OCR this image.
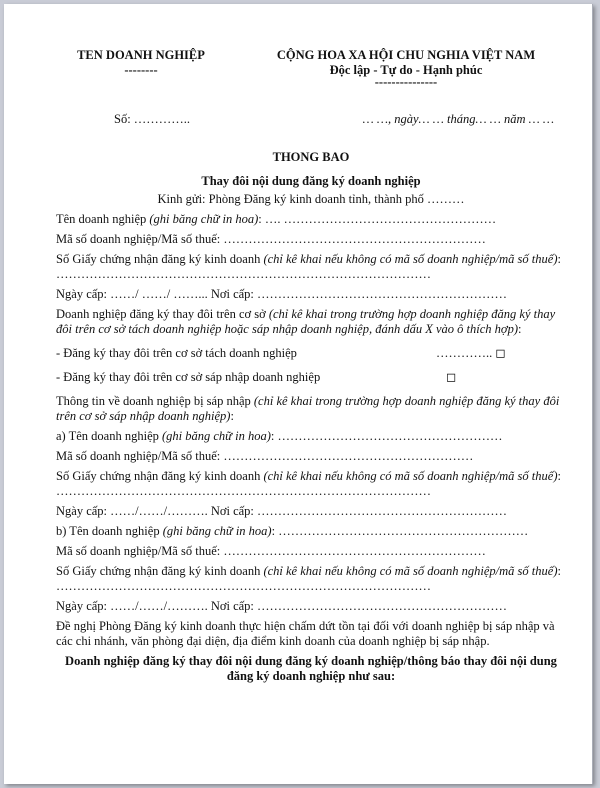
TEN DOANH NGHIỆP
--------
CỘNG HOA XA HỘI CHU NGHIA VIỆT NAM
Độc lập - Tự do - Hạnh phúc
---------------
Số: …………..	… …, ngày… … tháng… … năm … …
THONG BAO
Thay đôi nội dung đăng ký doanh nghiệp
Kinh gửi: Phòng Đăng ký kinh doanh tỉnh, thành phố ………
Tên doanh nghiệp (ghi băng chữ in hoa): …. ……………………………………………
Mã số doanh nghiệp/Mã số thuế: ………………………………………………………
Số Giấy chứng nhận đăng ký kinh doanh (chỉ kê khai nếu không có mã số doanh nghiệp/mã số thuế): ………………………………………………………………………………
Ngày cấp: ……/ ……/ ……... Nơi cấp: ……………………………………………………
Doanh nghiệp đăng ký thay đôi trên cơ sở (chỉ kê khai trong trường hợp doanh nghiệp đăng ký thay đôi trên cơ sở tách doanh nghiệp hoặc sáp nhập doanh nghiệp, đánh dấu X vào ô thích hợp):
- Đăng ký thay đôi trên cơ sở tách doanh nghiệp	………….. ◻
- Đăng ký thay đôi trên cơ sở sáp nhập doanh nghiệp	◻
Thông tin về doanh nghiệp bị sáp nhập (chỉ kê khai trong trường hợp doanh nghiệp đăng ký thay đôi trên cơ sở sáp nhập doanh nghiệp):
a) Tên doanh nghiệp (ghi băng chữ in hoa): ………………………………………………
Mã số doanh nghiệp/Mã số thuế: ……………………………………………………
Số Giấy chứng nhận đăng ký kinh doanh (chỉ kê khai nếu không có mã số doanh nghiệp/mã số thuế): ………………………………………………………………………………
Ngày cấp: ……/……/………. Nơi cấp: ……………………………………………………
b) Tên doanh nghiệp (ghi băng chữ in hoa): ……………………………………………………
Mã số doanh nghiệp/Mã số thuế: ………………………………………………………
Số Giấy chứng nhận đăng ký kinh doanh (chỉ kê khai nếu không có mã số doanh nghiệp/mã số thuế): ………………………………………………………………………………
Ngày cấp: ……/……/………. Nơi cấp: ……………………………………………………
Đề nghị Phòng Đăng ký kinh doanh thực hiện chấm dứt tồn tại đối với doanh nghiệp bị sáp nhập và các chi nhánh, văn phòng đại diện, địa điểm kinh doanh của doanh nghiệp bị sáp nhập.
Doanh nghiệp đăng ký thay đôi nội dung đăng ký doanh nghiệp/thông báo thay đôi nội dung đăng ký doanh nghiệp như sau:
